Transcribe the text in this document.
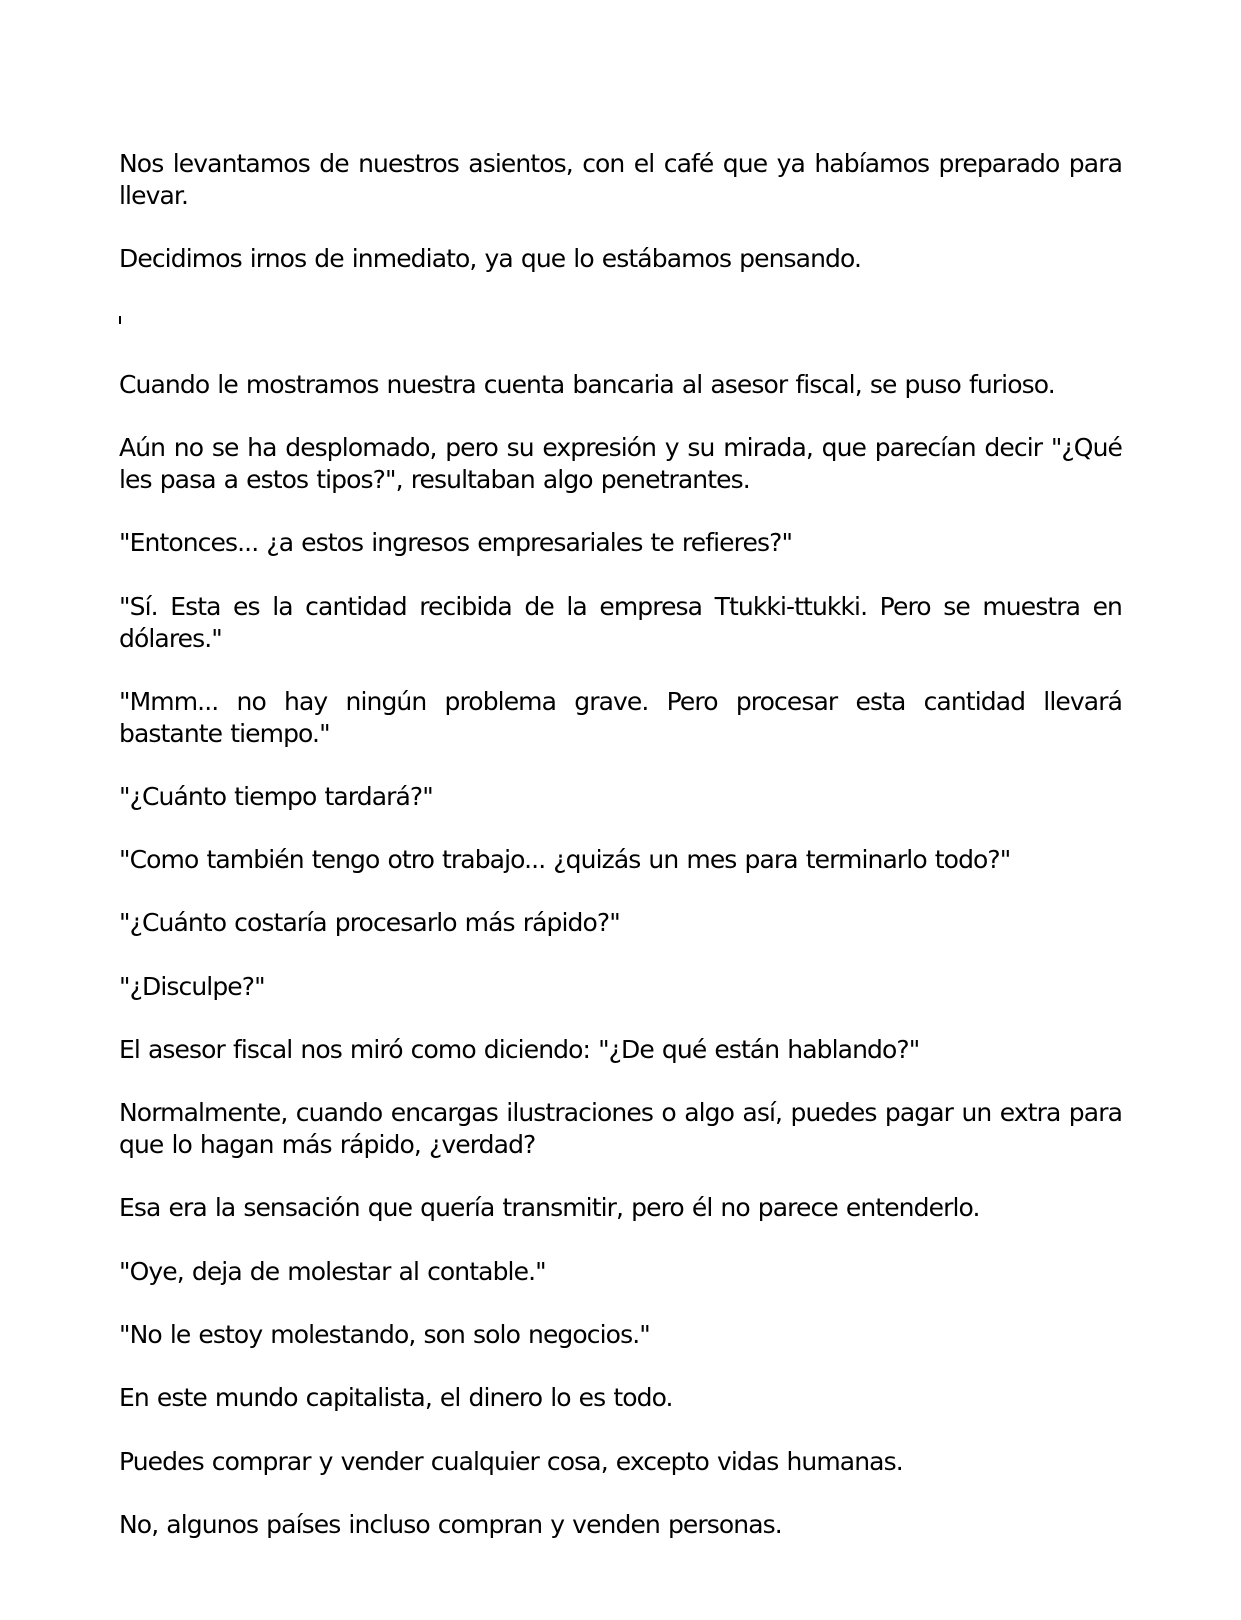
Nos levantamos de nuestros asientos, con el café que ya habíamos preparado para llevar.

Decidimos irnos de inmediato, ya que lo estábamos pensando.

Cuando le mostramos nuestra cuenta bancaria al asesor fiscal, se puso furioso.

Aún no se ha desplomado, pero su expresión y su mirada, que parecían decir "¿Qué les pasa a estos tipos?", resultaban algo penetrantes.

"Entonces... ¿a estos ingresos empresariales te refieres?"

"Sí. Esta es la cantidad recibida de la empresa Ttukki-ttukki. Pero se muestra en dólares."

"Mmm... no hay ningún problema grave. Pero procesar esta cantidad llevará bastante tiempo."

"¿Cuánto tiempo tardará?"

"Como también tengo otro trabajo... ¿quizás un mes para terminarlo todo?"

"¿Cuánto costaría procesarlo más rápido?"

"¿Disculpe?"

El asesor fiscal nos miró como diciendo: "¿De qué están hablando?"

Normalmente, cuando encargas ilustraciones o algo así, puedes pagar un extra para que lo hagan más rápido, ¿verdad?

Esa era la sensación que quería transmitir, pero él no parece entenderlo.

"Oye, deja de molestar al contable."

"No le estoy molestando, son solo negocios."

En este mundo capitalista, el dinero lo es todo.

Puedes comprar y vender cualquier cosa, excepto vidas humanas.

No, algunos países incluso compran y venden personas.
